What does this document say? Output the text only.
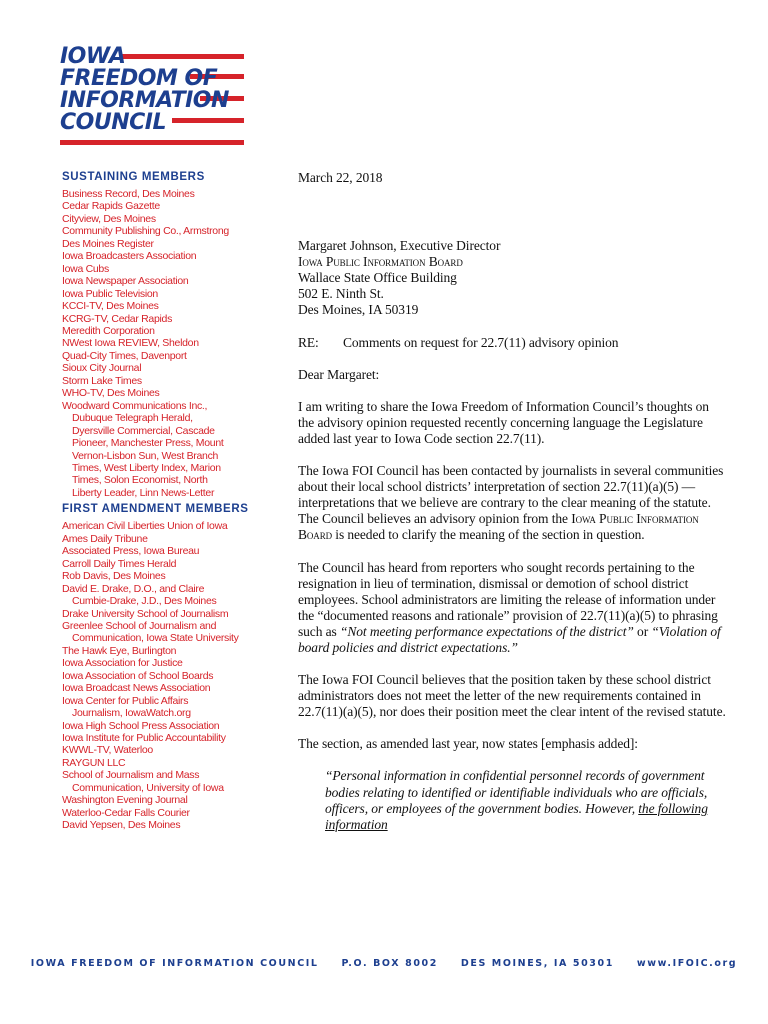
IOWA
FREEDOM OF
INFORMATION
COUNCIL
SUSTAINING MEMBERS
Business Record, Des Moines
Cedar Rapids Gazette
Cityview, Des Moines
Community Publishing Co., Armstrong
Des Moines Register
Iowa Broadcasters Association
Iowa Cubs
Iowa Newspaper Association
Iowa Public Television
KCCI-TV, Des Moines
KCRG-TV, Cedar Rapids
Meredith Corporation
NWest Iowa REVIEW, Sheldon
Quad-City Times, Davenport
Sioux City Journal
Storm Lake Times
WHO-TV, Des Moines
Woodward Communications Inc.,
Dubuque Telegraph Herald,
Dyersville Commercial, Cascade
Pioneer, Manchester Press, Mount
Vernon-Lisbon Sun, West Branch
Times, West Liberty Index, Marion
Times, Solon Economist, North
Liberty Leader, Linn News-Letter
FIRST AMENDMENT MEMBERS
American Civil Liberties Union of Iowa
Ames Daily Tribune
Associated Press, Iowa Bureau
Carroll Daily Times Herald
Rob Davis, Des Moines
David E. Drake, D.O., and Claire
Cumbie-Drake, J.D., Des Moines
Drake University School of Journalism
Greenlee School of Journalism and
Communication, Iowa State University
The Hawk Eye, Burlington
Iowa Association for Justice
Iowa Association of School Boards
Iowa Broadcast News Association
Iowa Center for Public Affairs
Journalism, IowaWatch.org
Iowa High School Press Association
Iowa Institute for Public Accountability
KWWL-TV, Waterloo
RAYGUN LLC
School of Journalism and Mass
Communication, University of Iowa
Washington Evening Journal
Waterloo-Cedar Falls Courier
David Yepsen, Des Moines

March 22, 2018

Margaret Johnson, Executive Director

Iowa Public Information Board

Wallace State Office Building

502 E. Ninth St.

Des Moines, IA 50319

RE: Comments on request for 22.7(11) advisory opinion

Dear Margaret:

I am writing to share the Iowa Freedom of Information Council’s thoughts on the advisory opinion requested recently concerning language the Legislature added last year to Iowa Code section 22.7(11).

The Iowa FOI Council has been contacted by journalists in several communities about their local school districts’ interpretation of section 22.7(11)(a)(5) — interpretations that we believe are contrary to the clear meaning of the statute. The Council believes an advisory opinion from the Iowa Public Information Board is needed to clarify the meaning of the section in question.

The Council has heard from reporters who sought records pertaining to the resignation in lieu of termination, dismissal or demotion of school district employees. School administrators are limiting the release of information under the “documented reasons and rationale” provision of 22.7(11)(a)(5) to phrasing such as “Not meeting performance expectations of the district” or “Violation of board policies and district expectations.”

The Iowa FOI Council believes that the position taken by these school district administrators does not meet the letter of the new requirements contained in 22.7(11)(a)(5), nor does their position meet the clear intent of the revised statute.

The section, as amended last year, now states [emphasis added]:

“Personal information in confidential personnel records of government bodies relating to identified or identifiable individuals who are officials, officers, or employees of the government bodies. However, the following information

IOWA FREEDOM OF INFORMATION COUNCIL P.O. BOX 8002 DES MOINES, IA 50301 www.IFOIC.org
